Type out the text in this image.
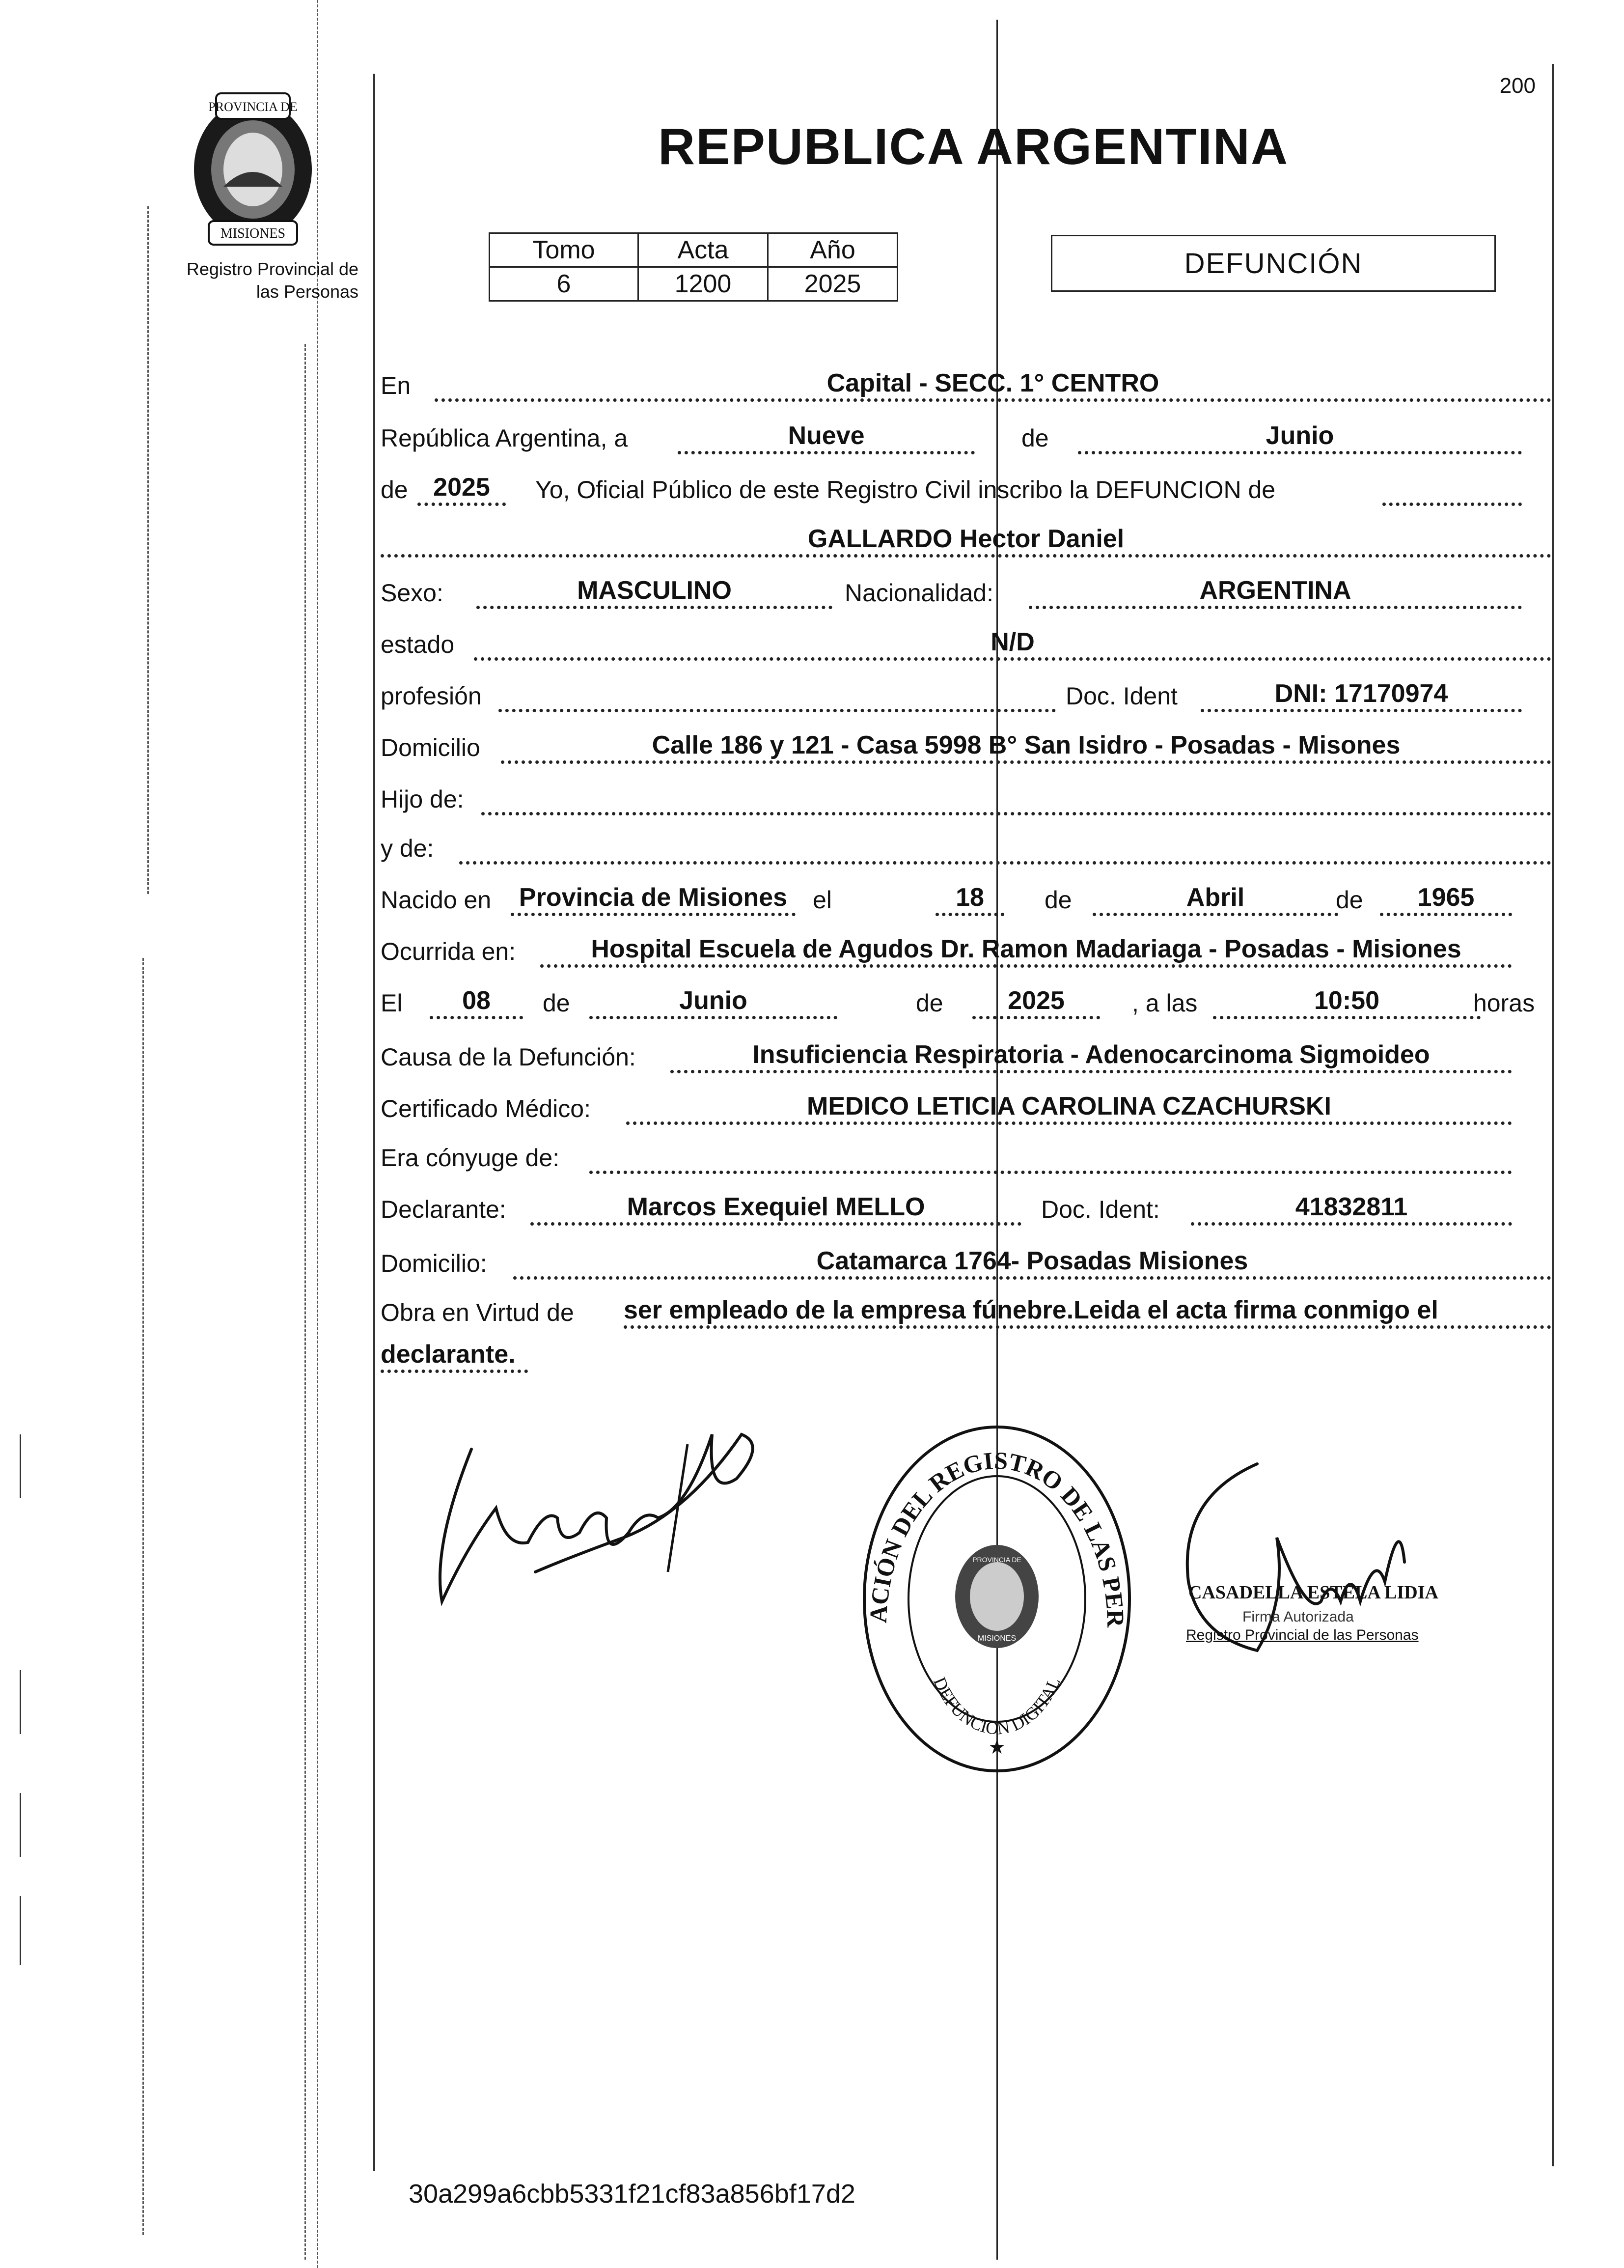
PROVINCIA DE
MISIONES
Registro Provincial de
las Personas
200
REPUBLICA ARGENTINA
Tomo	Acta	Año
6	1200	2025
DEFUNCIÓN
En	Capital - SECC. 1° CENTRO
República Argentina, a	Nueve	de	Junio
de 2025 Yo, Oficial Público de este Registro Civil inscribo la DEFUNCION de
GALLARDO Hector Daniel
Sexo:	MASCULINO	Nacionalidad:	ARGENTINA
estado	N/D
profesión	Doc. Ident	DNI: 17170974
Domicilio	Calle 186 y 121 - Casa 5998 B° San Isidro - Posadas - Misones
Hijo de:
y de:
Nacido en Provincia de Misiones el	18 de	Abril	de 1965
Ocurrida en:	Hospital Escuela de Agudos Dr. Ramon Madariaga - Posadas - Misiones
El 08 de	Junio	de	2025	, a las	10:50	horas
Causa de la Defunción:	Insuficiencia Respiratoria - Adenocarcinoma Sigmoideo
Certificado Médico:	MEDICO LETICIA CAROLINA CZACHURSKI
Era cónyuge de:
Declarante:	Marcos Exequiel MELLO	Doc. Ident:	41832811
Domicilio:	Catamarca 1764- Posadas Misiones
Obra en Virtud de ser empleado de la empresa fúnebre.Leida el acta firma conmigo el
declarante.
ACIÓN DEL REGISTRO DE LAS PER
DEFUNCION DIGITAL
PROVINCIA DE
MISIONES
★
CASADELLA ESTELA LIDIA
Firma Autorizada
Registro Provincial de las Personas
30a299a6cbb5331f21cf83a856bf17d2
